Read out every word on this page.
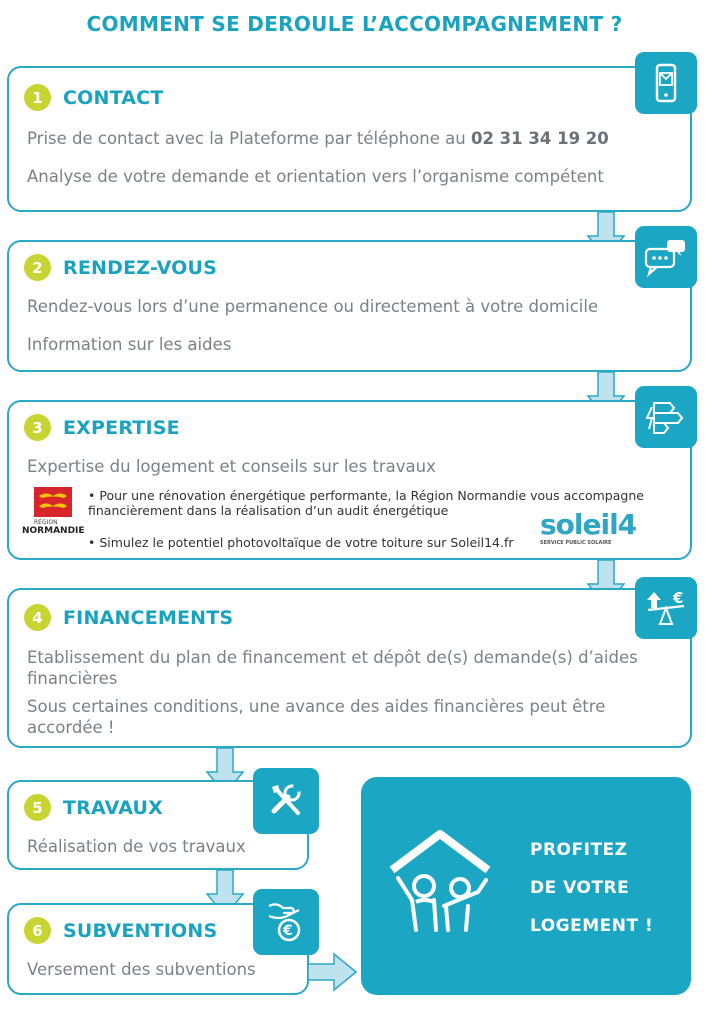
COMMENT SE DEROULE L’ACCOMPAGNEMENT ?
1	CONTACT
Prise de contact avec la Plateforme par téléphone au 02 31 34 19 20
Analyse de votre demande et orientation vers l’organisme compétent
2	RENDEZ-VOUS
Rendez-vous lors d’une permanence ou directement à votre domicile
Information sur les aides
3	EXPERTISE
Expertise du logement et conseils sur les travaux
RÉGION
NORMANDIE
• Pour une rénovation énergétique performante, la Région Normandie vous accompagne financièrement dans la réalisation d’un audit énergétique
• Simulez le potentiel photovoltaïque de votre toiture sur Soleil14.fr
soleil4
SERVICE PUBLIC SOLAIRE
4	FINANCEMENTS
Etablissement du plan de financement et dépôt de(s) demande(s) d’aides financières
Sous certaines conditions, une avance des aides financières peut être accordée !
€
5	TRAVAUX
Réalisation de vos travaux
6	SUBVENTIONS
Versement des subventions
€
PROFITEZ
DE VOTRE
LOGEMENT !
